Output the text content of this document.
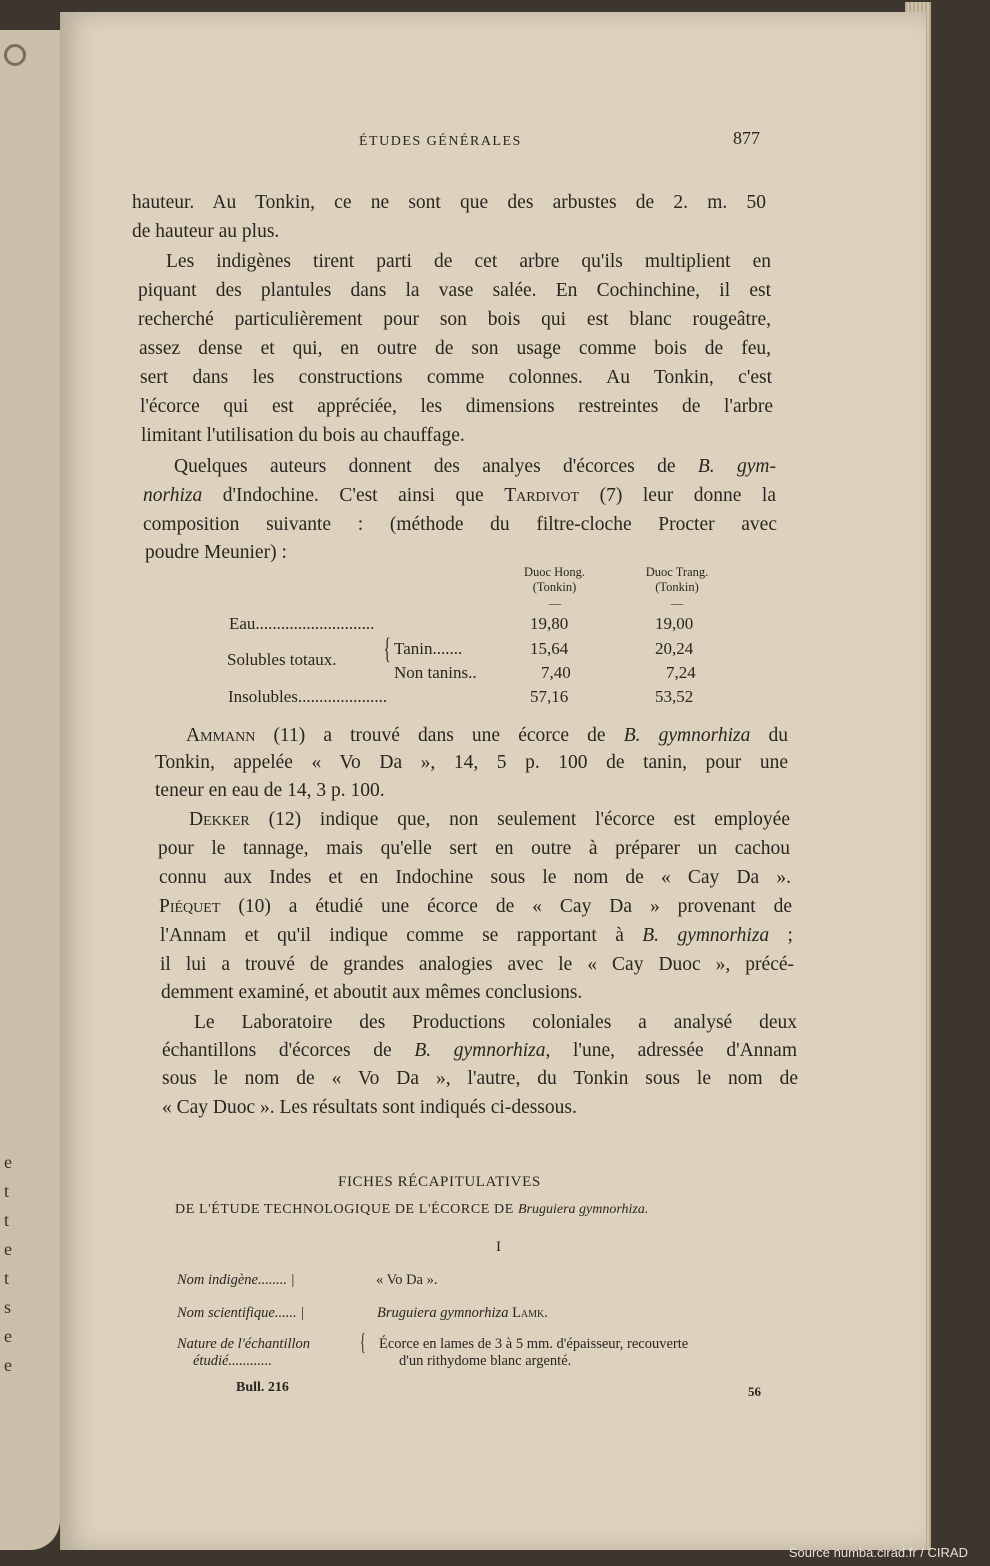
e
t
t
e
t
s
e
e
ÉTUDES GÉNÉRALES	877
hauteur. Au Tonkin, ce ne sont que des arbustes de 2. m. 50
de hauteur au plus.
Les indigènes tirent parti de cet arbre qu'ils multiplient en
piquant des plantules dans la vase salée. En Cochinchine, il est
recherché particulièrement pour son bois qui est blanc rougeâtre,
assez dense et qui, en outre de son usage comme bois de feu,
sert dans les constructions comme colonnes. Au Tonkin, c'est
l'écorce qui est appréciée, les dimensions restreintes de l'arbre
limitant l'utilisation du bois au chauffage.
Quelques auteurs donnent des analyes d'écorces de B. gym-
norhiza d'Indochine. C'est ainsi que Tardivot (7) leur donne la
composition suivante : (méthode du filtre-cloche Procter avec
poudre Meunier) :
Duoc Hong.
(Tonkin)
Duoc Trang.
(Tonkin)
—	—
Eau............................	19,80	19,00
Solubles totaux. { Tanin.......	15,64	20,24
Non tanins..	7,40	7,24
Insolubles.....................	57,16	53,52
Ammann (11) a trouvé dans une écorce de B. gymnorhiza du
Tonkin, appelée « Vo Da », 14, 5 p. 100 de tanin, pour une
teneur en eau de 14, 3 p. 100.
Dekker (12) indique que, non seulement l'écorce est employée
pour le tannage, mais qu'elle sert en outre à préparer un cachou
connu aux Indes et en Indochine sous le nom de « Cay Da ».
Piéquet (10) a étudié une écorce de « Cay Da » provenant de
l'Annam et qu'il indique comme se rapportant à B. gymnorhiza ;
il lui a trouvé de grandes analogies avec le « Cay Duoc », précé-
demment examiné, et aboutit aux mêmes conclusions.
Le Laboratoire des Productions coloniales a analysé deux
échantillons d'écorces de B. gymnorhiza, l'une, adressée d'Annam
sous le nom de « Vo Da », l'autre, du Tonkin sous le nom de
« Cay Duoc ». Les résultats sont indiqués ci-dessous.
FICHES RÉCAPITULATIVES
DE L'ÉTUDE TECHNOLOGIQUE DE L'ÉCORCE DE Bruguiera gymnorhiza.
I
Nom indigène........ |	« Vo Da ».
Nom scientifique...... |	Bruguiera gymnorhiza Lamk.
Nature de l'échantillon
étudié............
{ Écorce en lames de 3 à 5 mm. d'épaisseur, recouverte
d'un rithydome blanc argenté.
Bull. 216	56
Source numba.cirad.fr / CIRAD
